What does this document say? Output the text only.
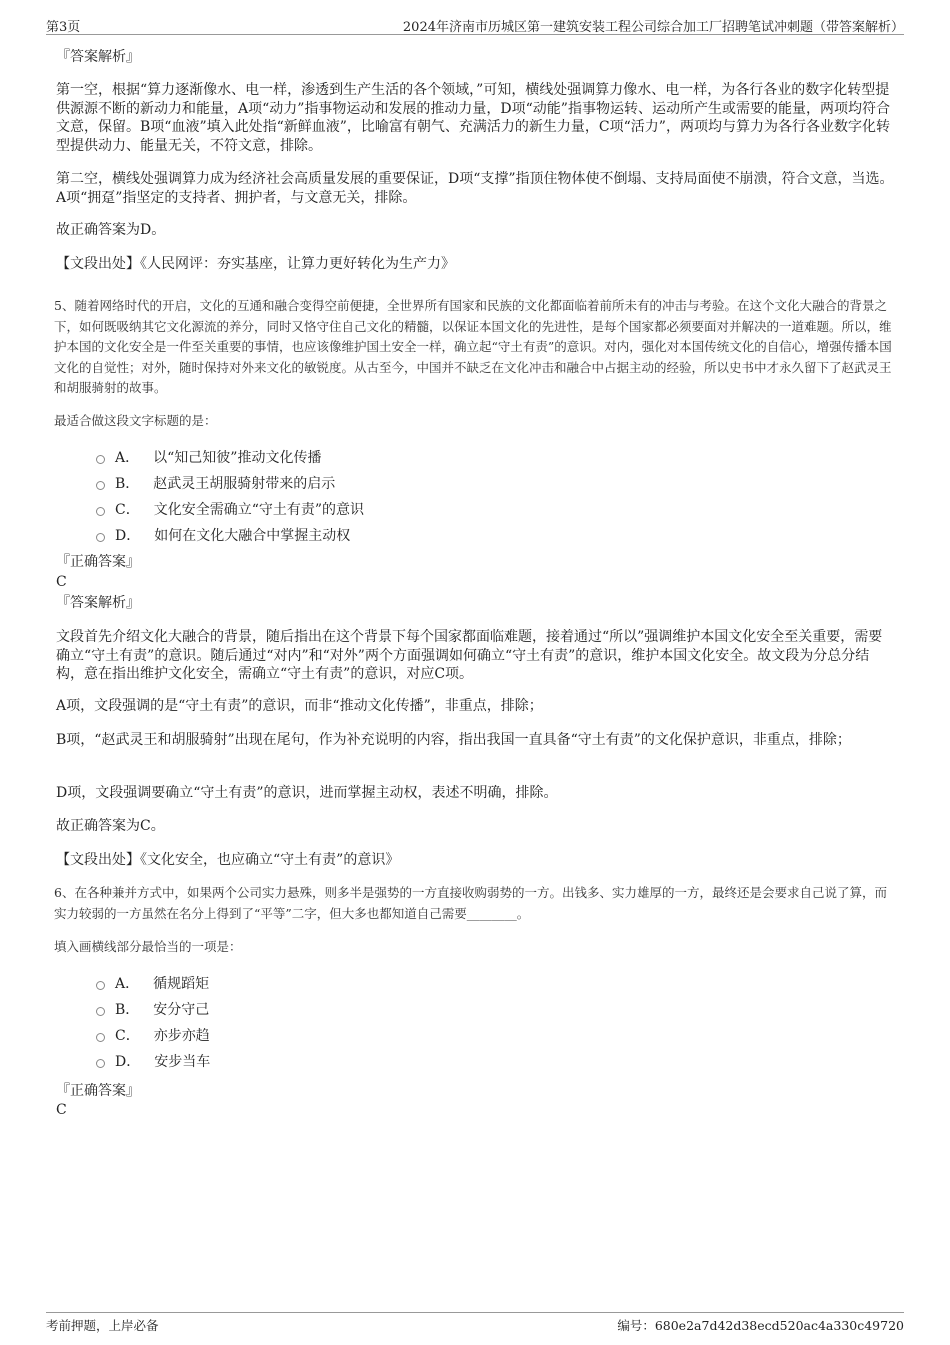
第3页	2024年济南市历城区第一建筑安装工程公司综合加工厂招聘笔试冲刺题（带答案解析）
『答案解析』
第一空，根据“算力逐渐像水、电一样，渗透到生产生活的各个领域，”可知，横线处强调算力像水、电一样，为各行各业的数字化转型提供源源不断的新动力和能量，A项“动力”指事物运动和发展的推动力量，D项“动能”指事物运转、运动所产生或需要的能量，两项均符合文意，保留。B项“血液”填入此处指“新鲜血液”，比喻富有朝气、充满活力的新生力量，C项“活力”，两项均与算力为各行各业数字化转型提供动力、能量无关，不符文意，排除。
第二空，横线处强调算力成为经济社会高质量发展的重要保证，D项“支撑”指顶住物体使不倒塌、支持局面使不崩溃，符合文意，当选。A项“拥趸”指坚定的支持者、拥护者，与文意无关，排除。
故正确答案为D。
【文段出处】《人民网评：夯实基座，让算力更好转化为生产力》
5、随着网络时代的开启，文化的互通和融合变得空前便捷，全世界所有国家和民族的文化都面临着前所未有的冲击与考验。在这个文化大融合的背景之下，如何既吸纳其它文化源流的养分，同时又恪守住自己文化的精髓，以保证本国文化的先进性，是每个国家都必须要面对并解决的一道难题。所以，维护本国的文化安全是一件至关重要的事情，也应该像维护国土安全一样，确立起“守土有责”的意识。对内，强化对本国传统文化的自信心，增强传播本国文化的自觉性；对外，随时保持对外来文化的敏锐度。从古至今，中国并不缺乏在文化冲击和融合中占据主动的经验，所以史书中才永久留下了赵武灵王和胡服骑射的故事。
最适合做这段文字标题的是：
A． 以“知己知彼”推动文化传播
B． 赵武灵王胡服骑射带来的启示
C． 文化安全需确立“守土有责”的意识
D． 如何在文化大融合中掌握主动权
『正确答案』
C
『答案解析』
文段首先介绍文化大融合的背景，随后指出在这个背景下每个国家都面临难题，接着通过“所以”强调维护本国文化安全至关重要，需要确立“守土有责”的意识。随后通过“对内”和“对外”两个方面强调如何确立“守土有责”的意识，维护本国文化安全。故文段为分总分结构，意在指出维护文化安全，需确立“守土有责”的意识，对应C项。
A项，文段强调的是“守土有责”的意识，而非“推动文化传播”，非重点，排除；
B项，“赵武灵王和胡服骑射”出现在尾句，作为补充说明的内容，指出我国一直具备“守土有责”的文化保护意识，非重点，排除；
D项，文段强调要确立“守土有责”的意识，进而掌握主动权，表述不明确，排除。
故正确答案为C。
【文段出处】《文化安全，也应确立“守土有责”的意识》
6、在各种兼并方式中，如果两个公司实力悬殊，则多半是强势的一方直接收购弱势的一方。出钱多、实力雄厚的一方，最终还是会要求自己说了算，而实力较弱的一方虽然在名分上得到了“平等”二字，但大多也都知道自己需要________。
填入画横线部分最恰当的一项是：
A． 循规蹈矩
B． 安分守己
C． 亦步亦趋
D． 安步当车
『正确答案』
C
考前押题，上岸必备	编号：680e2a7d42d38ecd520ac4a330c49720
